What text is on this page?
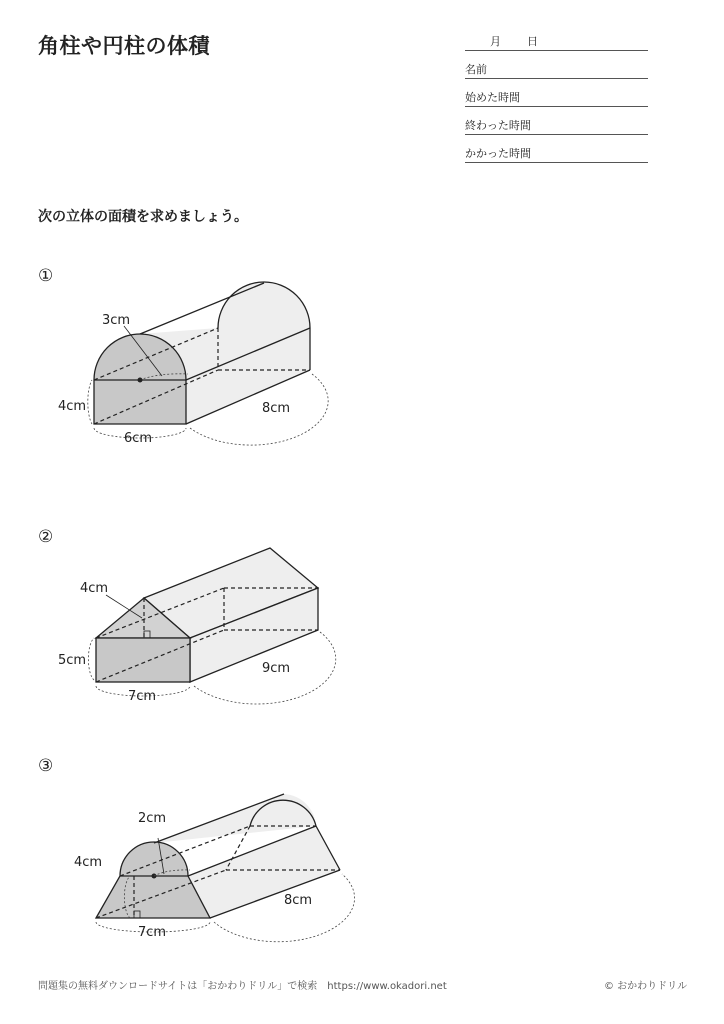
角柱や円柱の体積	月 日
名前
始めた時間
終わった時間
かかった時間
次の立体の面積を求めましょう。
①
3cm
4cm
6cm
8cm
②
4cm
5cm
7cm
9cm
③
2cm
4cm
7cm
8cm
問題集の無料ダウンロードサイトは「おかわりドリル」で検索　https://www.okadori.net	© おかわりドリル
